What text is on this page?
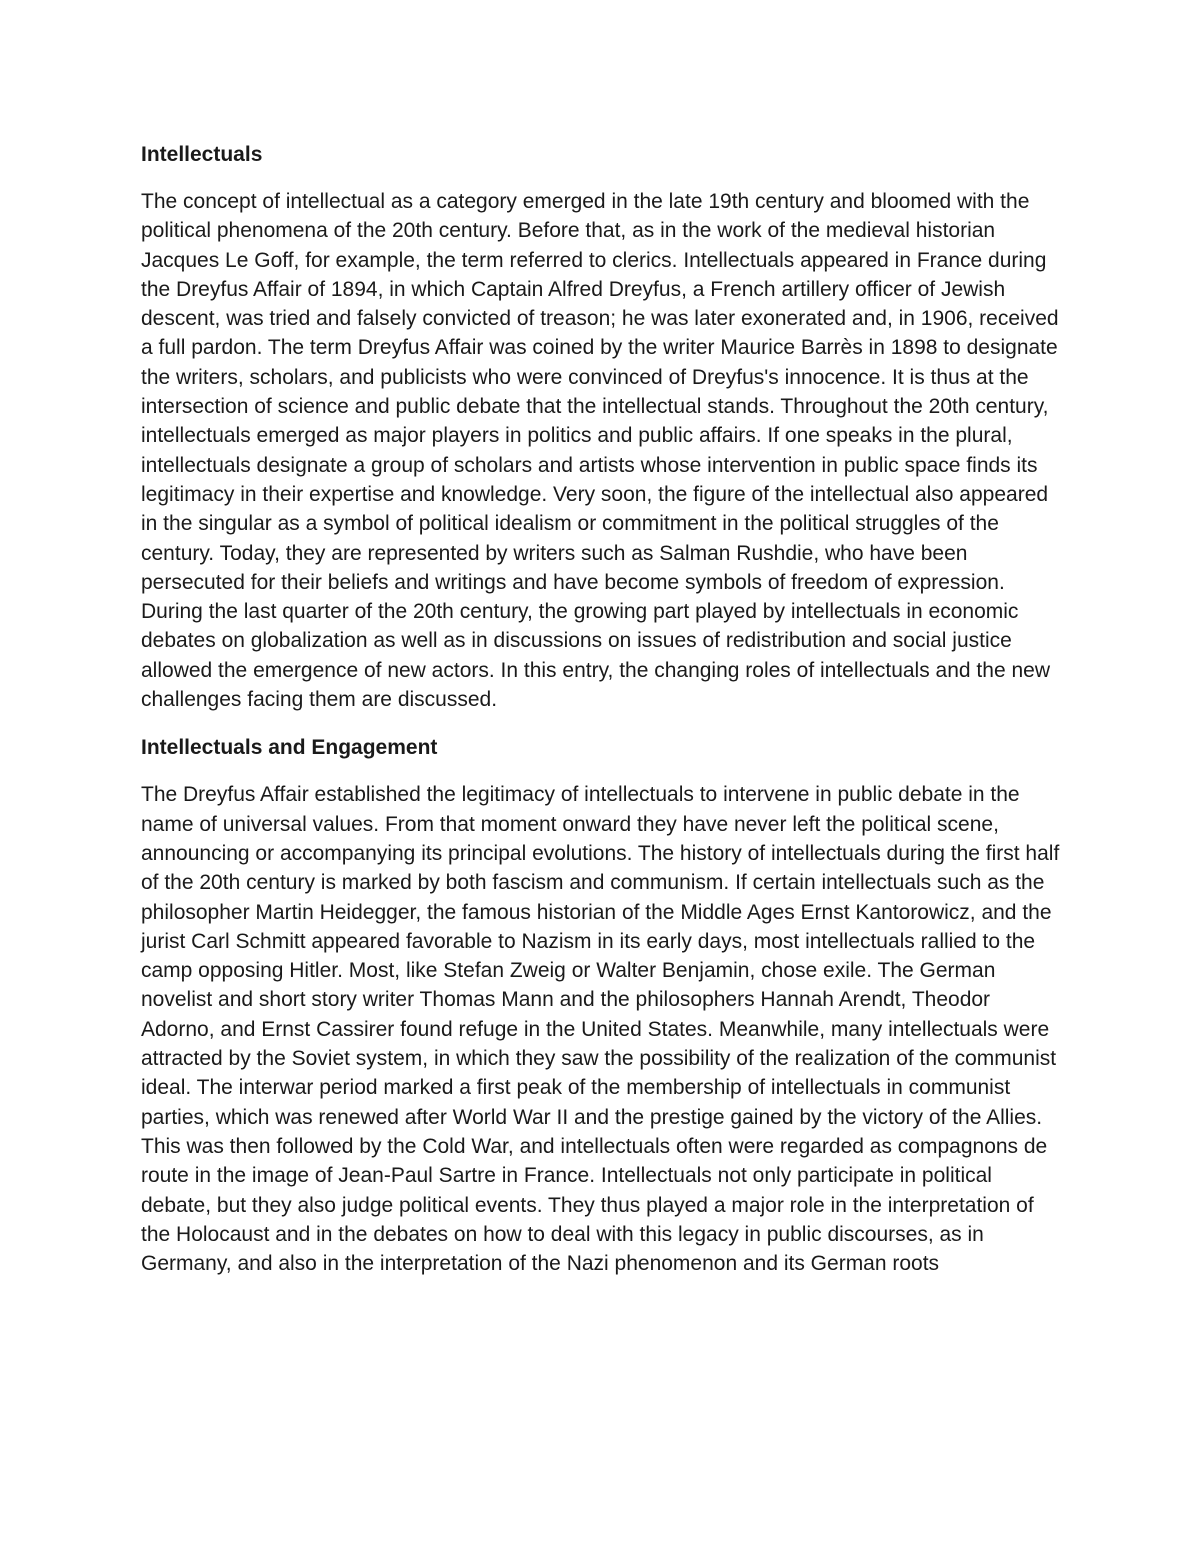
Intellectuals

The concept of intellectual as a category emerged in the late 19th century and bloomed with the political phenomena of the 20th century. Before that, as in the work of the medieval historian Jacques Le Goff, for example, the term referred to clerics. Intellectuals appeared in France during the Dreyfus Affair of 1894, in which Captain Alfred Dreyfus, a French artillery officer of Jewish descent, was tried and falsely convicted of treason; he was later exonerated and, in 1906, received a full pardon. The term Dreyfus Affair was coined by the writer Maurice Barrès in 1898 to designate the writers, scholars, and publicists who were convinced of Dreyfus's innocence. It is thus at the intersection of science and public debate that the intellectual stands. Throughout the 20th century, intellectuals emerged as major players in politics and public affairs. If one speaks in the plural, intellectuals designate a group of scholars and artists whose intervention in public space finds its legitimacy in their expertise and knowledge. Very soon, the figure of the intellectual also appeared in the singular as a symbol of political idealism or commitment in the political struggles of the century. Today, they are represented by writers such as Salman Rushdie, who have been persecuted for their beliefs and writings and have become symbols of freedom of expression. During the last quarter of the 20th century, the growing part played by intellectuals in economic debates on globalization as well as in discussions on issues of redistribution and social justice allowed the emergence of new actors. In this entry, the changing roles of intellectuals and the new challenges facing them are discussed.

Intellectuals and Engagement

The Dreyfus Affair established the legitimacy of intellectuals to intervene in public debate in the name of universal values. From that moment onward they have never left the political scene, announcing or accompanying its principal evolutions. The history of intellectuals during the first half of the 20th century is marked by both fascism and communism. If certain intellectuals such as the philosopher Martin Heidegger, the famous historian of the Middle Ages Ernst Kantorowicz, and the jurist Carl Schmitt appeared favorable to Nazism in its early days, most intellectuals rallied to the camp opposing Hitler. Most, like Stefan Zweig or Walter Benjamin, chose exile. The German novelist and short story writer Thomas Mann and the philosophers Hannah Arendt, Theodor Adorno, and Ernst Cassirer found refuge in the United States. Meanwhile, many intellectuals were attracted by the Soviet system, in which they saw the possibility of the realization of the communist ideal. The interwar period marked a first peak of the membership of intellectuals in communist parties, which was renewed after World War II and the prestige gained by the victory of the Allies. This was then followed by the Cold War, and intellectuals often were regarded as compagnons de route in the image of Jean-Paul Sartre in France. Intellectuals not only participate in political debate, but they also judge political events. They thus played a major role in the interpretation of the Holocaust and in the debates on how to deal with this legacy in public discourses, as in Germany, and also in the interpretation of the Nazi phenomenon and its German roots
